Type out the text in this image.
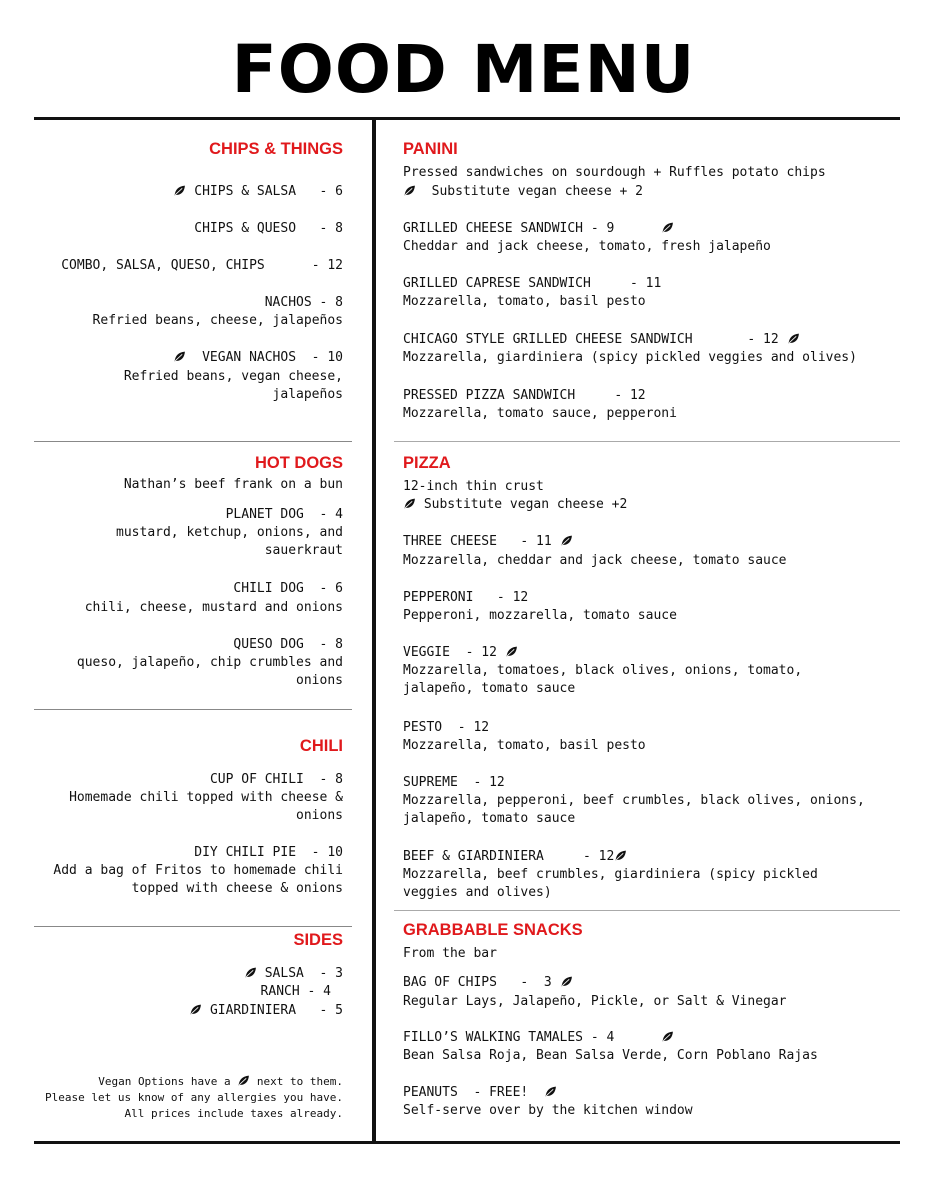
FOOD MENU
CHIPS & THINGS
CHIPS & SALSA   - 6
CHIPS & QUESO   - 8
COMBO, SALSA, QUESO, CHIPS      - 12
NACHOS - 8
Refried beans, cheese, jalapeños
VEGAN NACHOS  - 10
Refried beans, vegan cheese,
jalapeños
HOT DOGS
Nathan’s beef frank on a bun
PLANET DOG  - 4
mustard, ketchup, onions, and
sauerkraut
CHILI DOG  - 6
chili, cheese, mustard and onions
QUESO DOG  - 8
queso, jalapeño, chip crumbles and
onions
CHILI
CUP OF CHILI  - 8
Homemade chili topped with cheese &
onions
DIY CHILI PIE  - 10
Add a bag of Fritos to homemade chili
topped with cheese & onions
SIDES
SALSA  - 3
RANCH - 4
GIARDINIERA   - 5
Vegan Options have a next to them.
Please let us know of any allergies you have.
All prices include taxes already.
PANINI
Pressed sandwiches on sourdough + Ruffles potato chips
Substitute vegan cheese + 2
GRILLED CHEESE SANDWICH - 9
Cheddar and jack cheese, tomato, fresh jalapeño
GRILLED CAPRESE SANDWICH     - 11
Mozzarella, tomato, basil pesto
CHICAGO STYLE GRILLED CHEESE SANDWICH       - 12
Mozzarella, giardiniera (spicy pickled veggies and olives)
PRESSED PIZZA SANDWICH     - 12
Mozzarella, tomato sauce, pepperoni
PIZZA
12-inch thin crust
Substitute vegan cheese +2
THREE CHEESE   - 11
Mozzarella, cheddar and jack cheese, tomato sauce
PEPPERONI   - 12
Pepperoni, mozzarella, tomato sauce
VEGGIE  - 12
Mozzarella, tomatoes, black olives, onions, tomato,
jalapeño, tomato sauce
PESTO  - 12
Mozzarella, tomato, basil pesto
SUPREME  - 12
Mozzarella, pepperoni, beef crumbles, black olives, onions,
jalapeño, tomato sauce
BEEF & GIARDINIERA     - 12
Mozzarella, beef crumbles, giardiniera (spicy pickled
veggies and olives)
GRABBABLE SNACKS
From the bar
BAG OF CHIPS   -  3
Regular Lays, Jalapeño, Pickle, or Salt & Vinegar
FILLO’S WALKING TAMALES - 4
Bean Salsa Roja, Bean Salsa Verde, Corn Poblano Rajas
PEANUTS  - FREE!
Self-serve over by the kitchen window
